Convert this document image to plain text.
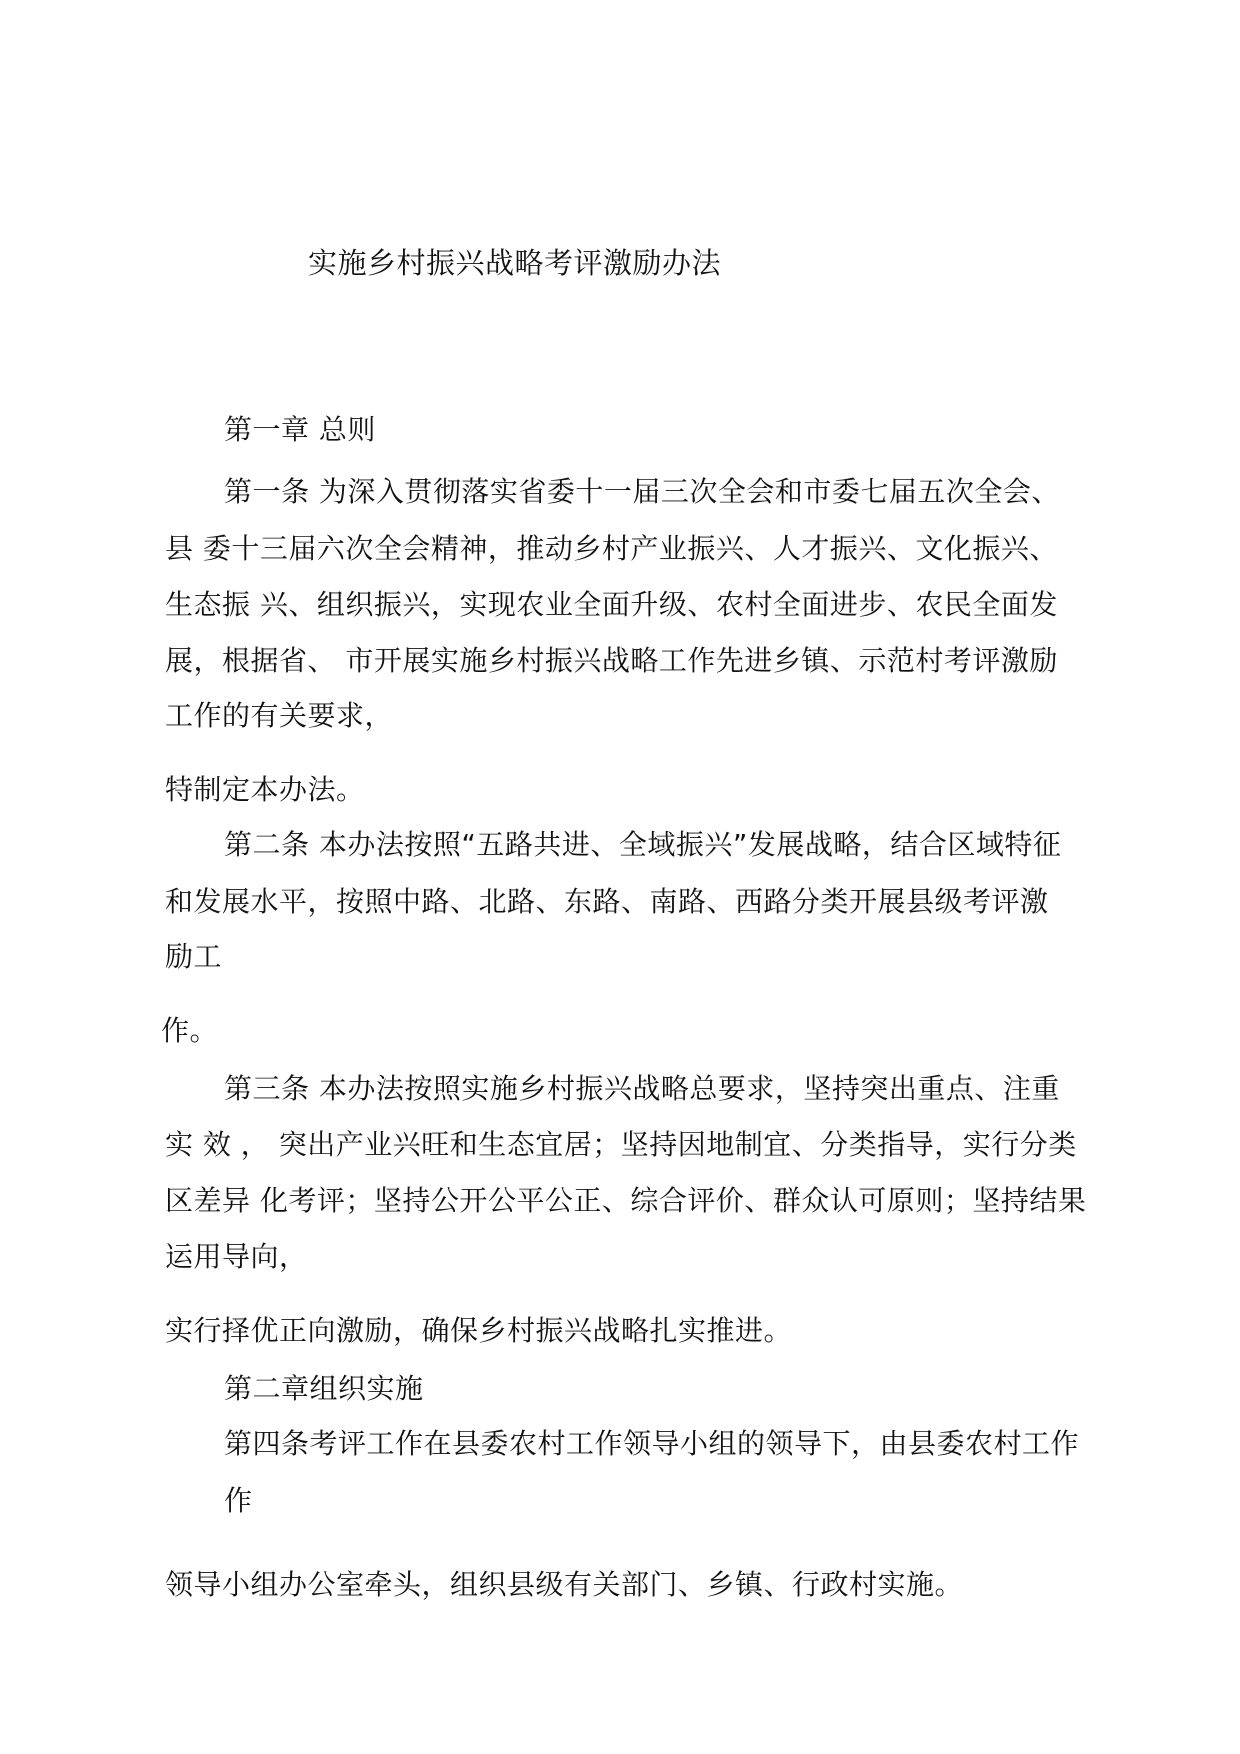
实施乡村振兴战略考评激励办法
第一章 总则
第一条 为深入贯彻落实省委十一届三次全会和市委七届五次全会、
县 委十三届六次全会精神，推动乡村产业振兴、人才振兴、文化振兴、
生态振 兴、组织振兴，实现农业全面升级、农村全面进步、农民全面发
展，根据省、 市开展实施乡村振兴战略工作先进乡镇、示范村考评激励
工作的有关要求，
特制定本办法。
第二条 本办法按照“五路共进、全域振兴”发展战略，结合区域特征
和发展水平，按照中路、北路、东路、南路、西路分类开展县级考评激
励工
作。
第三条 本办法按照实施乡村振兴战略总要求，坚持突出重点、注重
实 效 ， 突出产业兴旺和生态宜居；坚持因地制宜、分类指导，实行分类
区差异 化考评；坚持公开公平公正、综合评价、群众认可原则；坚持结果
运用导向，
实行择优正向激励，确保乡村振兴战略扎实推进。
第二章组织实施
第四条考评工作在县委农村工作领导小组的领导下，由县委农村工作
作
领导小组办公室牵头，组织县级有关部门、乡镇、行政村实施。
